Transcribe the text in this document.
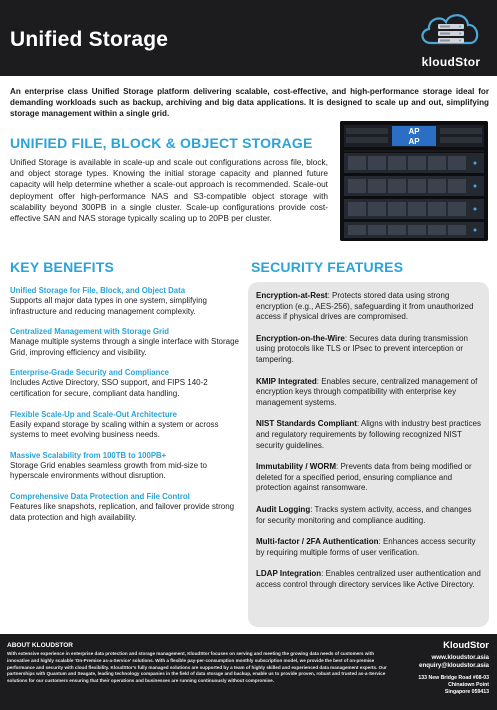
Unified Storage
kloudStor
An enterprise class Unified Storage platform delivering scalable, cost-effective, and high-performance storage ideal for demanding workloads such as backup, archiving and big data applications. It is designed to scale up and out, simplifying storage management within a single grid.
UNIFIED FILE, BLOCK & OBJECT STORAGE
Unified Storage is available in scale-up and scale out configurations across file, block, and object storage types. Knowing the initial storage capacity and planned future capacity will help determine whether a scale-out approach is recommended. Scale-out deployment offer high-performance NAS and S3-compatible object storage with scalability beyond 300PB in a single cluster. Scale-up configurations provide cost-effective SAN and NAS storage typically scaling up to 20PB per cluster.
AP
AP
KEY BENEFITS
Unified Storage for File, Block, and Object Data
Supports all major data types in one system, simplifying infrastructure and reducing management complexity.
Centralized Management with Storage Grid
Manage multiple systems through a single interface with Storage Grid, improving efficiency and visibility.
Enterprise-Grade Security and Compliance
Includes Active Directory, SSO support, and FIPS 140-2 certification for secure, compliant data handling.
Flexible Scale-Up and Scale-Out Architecture
Easily expand storage by scaling within a system or across systems to meet evolving business needs.
Massive Scalability from 100TB to 100PB+
Storage Grid enables seamless growth from mid-size to hyperscale environments without disruption.
Comprehensive Data Protection and File Control
Features like snapshots, replication, and failover provide strong data protection and high availability.
SECURITY FEATURES
Encryption-at-Rest: Protects stored data using strong encryption (e.g., AES-256), safeguarding it from unauthorized access if physical drives are compromised.
Encryption-on-the-Wire: Secures data during transmission using protocols like TLS or IPsec to prevent interception or tampering.
KMIP Integrated: Enables secure, centralized management of encryption keys through compatibility with enterprise key management systems.
NIST Standards Compliant: Aligns with industry best practices and regulatory requirements by following recognized NIST security guidelines.
Immutability / WORM: Prevents data from being modified or deleted for a specified period, ensuring compliance and protection against ransomware.
Audit Logging: Tracks system activity, access, and changes for security monitoring and compliance auditing.
Multi-factor / 2FA Authentication: Enhances access security by requiring multiple forms of user verification.
LDAP Integration: Enables centralized user authentication and access control through directory services like Active Directory.
ABOUT KLOUDSTOR
With extensive experience in enterprise data protection and storage management, KloudStor focuses on serving and meeting the growing data needs of customers with innovative and highly scalable 'On-Premise as-a-Service' solutions. With a flexible pay-per-consumption monthly subscription model, we provide the best of on-premise performance and security with cloud flexibility. KloudStor's fully managed solutions are supported by a team of highly skilled and experienced data management experts. Our partnerships with Quantum and Seagate, leading technology companies in the field of data storage and backup, enable us to provide proven, robust and trusted as-a-Service solutions for our customers ensuring that their operations and businesses are running continuously without compromise.
KloudStor
www.kloudstor.asia
enquiry@kloudstor.asia
133 New Bridge Road #08-03
Chinatown Point
Singapore 059413
